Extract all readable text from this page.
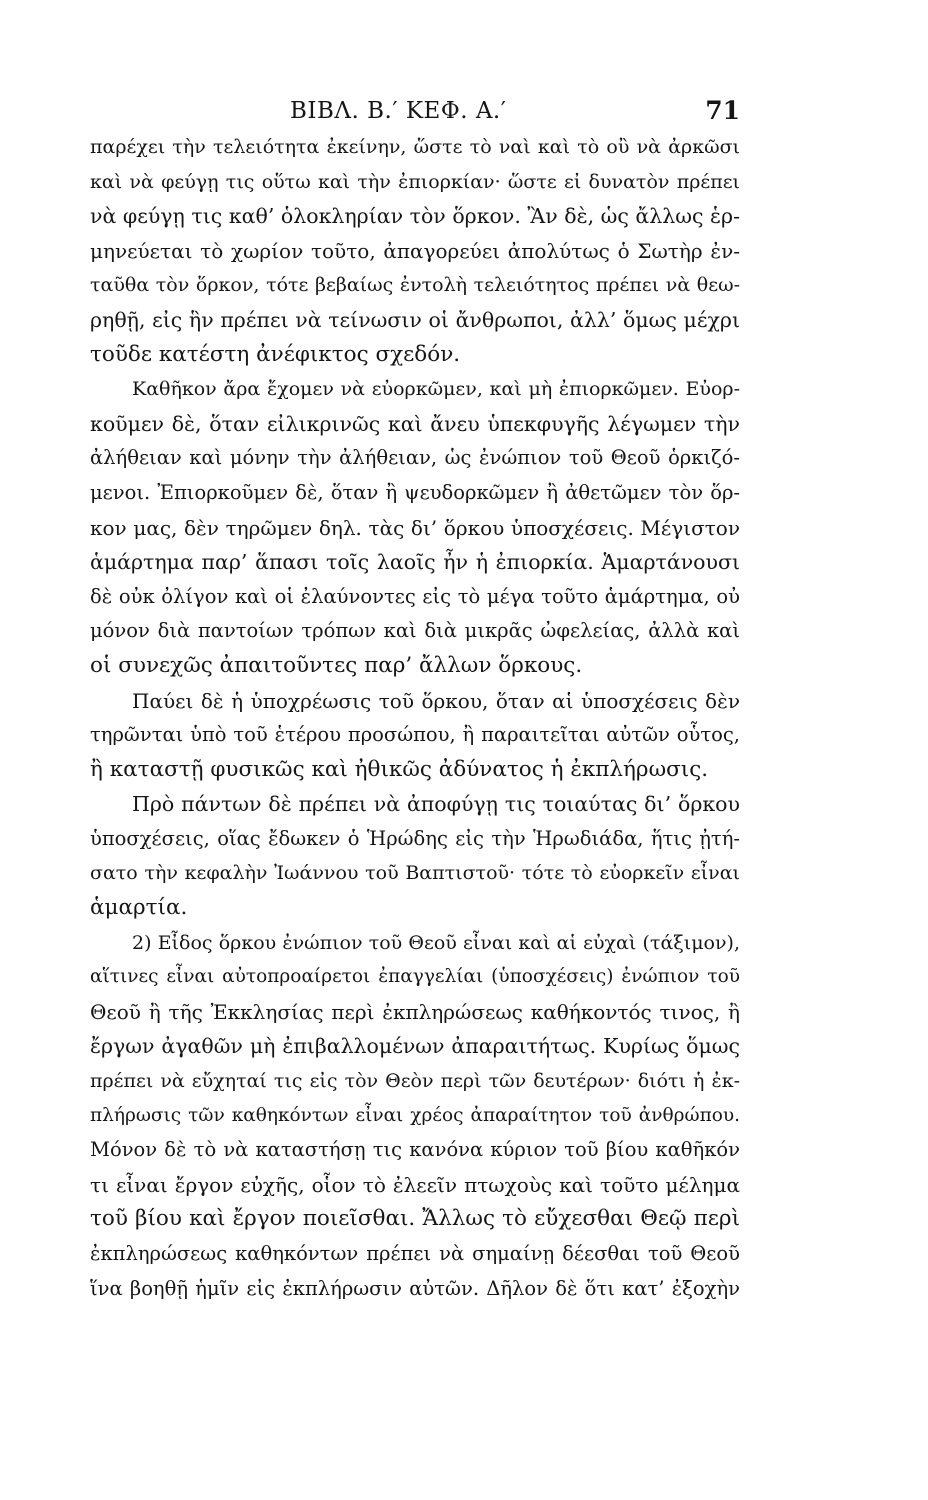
ΒΙΒΛ. Β.′ ΚΕΦ. Α.′	71
παρέχει τὴν τελειότητα ἐκείνην, ὥστε τὸ ναὶ καὶ τὸ οὒ νὰ ἀρκῶσι
καὶ νὰ φεύγῃ τις οὕτω καὶ τὴν ἐπιορκίαν· ὥστε εἰ δυνατὸν πρέπει
νὰ φεύγῃ τις καθ’ ὁλοκληρίαν τὸν ὅρκον. Ἂν δὲ, ὡς ἄλλως ἑρ-
μηνεύεται τὸ χωρίον τοῦτο, ἀπαγορεύει ἀπολύτως ὁ Σωτὴρ ἐν-
ταῦθα τὸν ὅρκον, τότε βεβαίως ἐντολὴ τελειότητος πρέπει νὰ θεω-
ρηθῇ, εἰς ἣν πρέπει νὰ τείνωσιν οἱ ἄνθρωποι, ἀλλ’ ὅμως μέχρι
τοῦδε κατέστη ἀνέφικτος σχεδόν.
Καθῆκον ἄρα ἔχομεν νὰ εὐορκῶμεν, καὶ μὴ ἐπιορκῶμεν. Εὐορ-
κοῦμεν δὲ, ὅταν εἰλικρινῶς καὶ ἄνευ ὑπεκφυγῆς λέγωμεν τὴν
ἀλήθειαν καὶ μόνην τὴν ἀλήθειαν, ὡς ἐνώπιον τοῦ Θεοῦ ὁρκιζό-
μενοι. Ἐπιορκοῦμεν δὲ, ὅταν ἢ ψευδορκῶμεν ἢ ἀθετῶμεν τὸν ὅρ-
κον μας, δὲν τηρῶμεν δηλ. τὰς δι’ ὅρκου ὑποσχέσεις. Μέγιστον
ἁμάρτημα παρ’ ἅπασι τοῖς λαοῖς ἦν ἡ ἐπιορκία. Ἁμαρτάνουσι
δὲ οὐκ ὀλίγον καὶ οἱ ἐλαύνοντες εἰς τὸ μέγα τοῦτο ἁμάρτημα, οὐ
μόνον διὰ παντοίων τρόπων καὶ διὰ μικρᾶς ὠφελείας, ἀλλὰ καὶ
οἱ συνεχῶς ἀπαιτοῦντες παρ’ ἄλλων ὅρκους.
Παύει δὲ ἡ ὑποχρέωσις τοῦ ὅρκου, ὅταν αἱ ὑποσχέσεις δὲν
τηρῶνται ὑπὸ τοῦ ἑτέρου προσώπου, ἢ παραιτεῖται αὐτῶν οὗτος,
ἢ καταστῇ φυσικῶς καὶ ἠθικῶς ἀδύνατος ἡ ἐκπλήρωσις.
Πρὸ πάντων δὲ πρέπει νὰ ἀποφύγῃ τις τοιαύτας δι’ ὅρκου
ὑποσχέσεις, οἵας ἔδωκεν ὁ Ἡρώδης εἰς τὴν Ἡρωδιάδα, ἥτις ᾐτή-
σατο τὴν κεφαλὴν Ἰωάννου τοῦ Βαπτιστοῦ· τότε τὸ εὐορκεῖν εἶναι
ἁμαρτία.
2) Εἶδος ὅρκου ἐνώπιον τοῦ Θεοῦ εἶναι καὶ αἱ εὐχαὶ (τάξιμον),
αἵτινες εἶναι αὐτοπροαίρετοι ἐπαγγελίαι (ὑποσχέσεις) ἐνώπιον τοῦ
Θεοῦ ἢ τῆς Ἐκκλησίας περὶ ἐκπληρώσεως καθήκοντός τινος, ἢ
ἔργων ἀγαθῶν μὴ ἐπιβαλλομένων ἀπαραιτήτως. Κυρίως ὅμως
πρέπει νὰ εὔχηταί τις εἰς τὸν Θεὸν περὶ τῶν δευτέρων· διότι ἡ ἐκ-
πλήρωσις τῶν καθηκόντων εἶναι χρέος ἀπαραίτητον τοῦ ἀνθρώπου.
Μόνον δὲ τὸ νὰ καταστήσῃ τις κανόνα κύριον τοῦ βίου καθῆκόν
τι εἶναι ἔργον εὐχῆς, οἷον τὸ ἐλεεῖν πτωχοὺς καὶ τοῦτο μέλημα
τοῦ βίου καὶ ἔργον ποιεῖσθαι. Ἄλλως τὸ εὔχεσθαι Θεῷ περὶ
ἐκπληρώσεως καθηκόντων πρέπει νὰ σημαίνῃ δέεσθαι τοῦ Θεοῦ
ἵνα βοηθῇ ἡμῖν εἰς ἐκπλήρωσιν αὐτῶν. Δῆλον δὲ ὅτι κατ’ ἐξοχὴν
